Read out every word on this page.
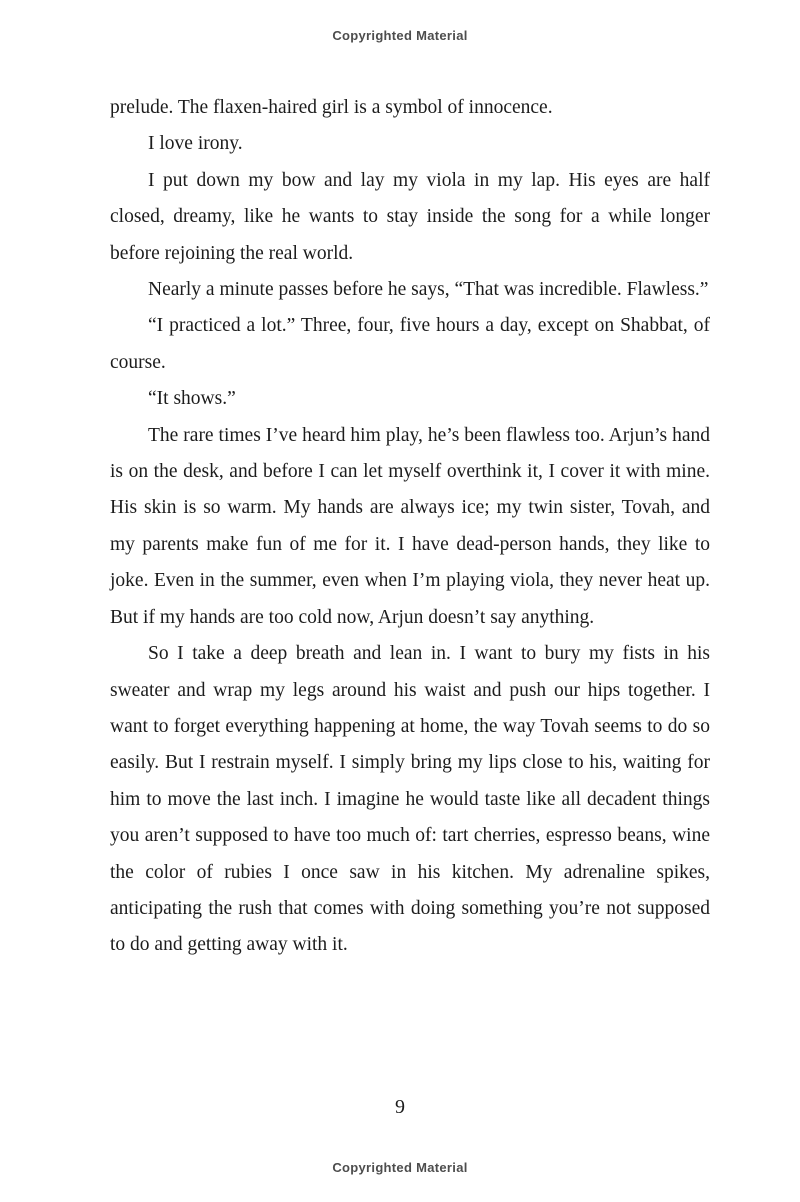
Copyrighted Material

prelude. The flaxen-haired girl is a symbol of innocence.

I love irony.

I put down my bow and lay my viola in my lap. His eyes are half closed, dreamy, like he wants to stay inside the song for a while longer before rejoining the real world.

Nearly a minute passes before he says, “That was incredible. Flawless.”

“I practiced a lot.” Three, four, five hours a day, except on Shabbat, of course.

“It shows.”

The rare times I’ve heard him play, he’s been flawless too. Arjun’s hand is on the desk, and before I can let myself overthink it, I cover it with mine. His skin is so warm. My hands are always ice; my twin sister, Tovah, and my parents make fun of me for it. I have dead-person hands, they like to joke. Even in the summer, even when I’m playing viola, they never heat up. But if my hands are too cold now, Arjun doesn’t say anything.

So I take a deep breath and lean in. I want to bury my fists in his sweater and wrap my legs around his waist and push our hips together. I want to forget everything happening at home, the way Tovah seems to do so easily. But I restrain myself. I simply bring my lips close to his, waiting for him to move the last inch. I imagine he would taste like all decadent things you aren’t supposed to have too much of: tart cherries, espresso beans, wine the color of rubies I once saw in his kitchen. My adrenaline spikes, anticipating the rush that comes with doing something you’re not supposed to do and getting away with it.

9
Copyrighted Material
